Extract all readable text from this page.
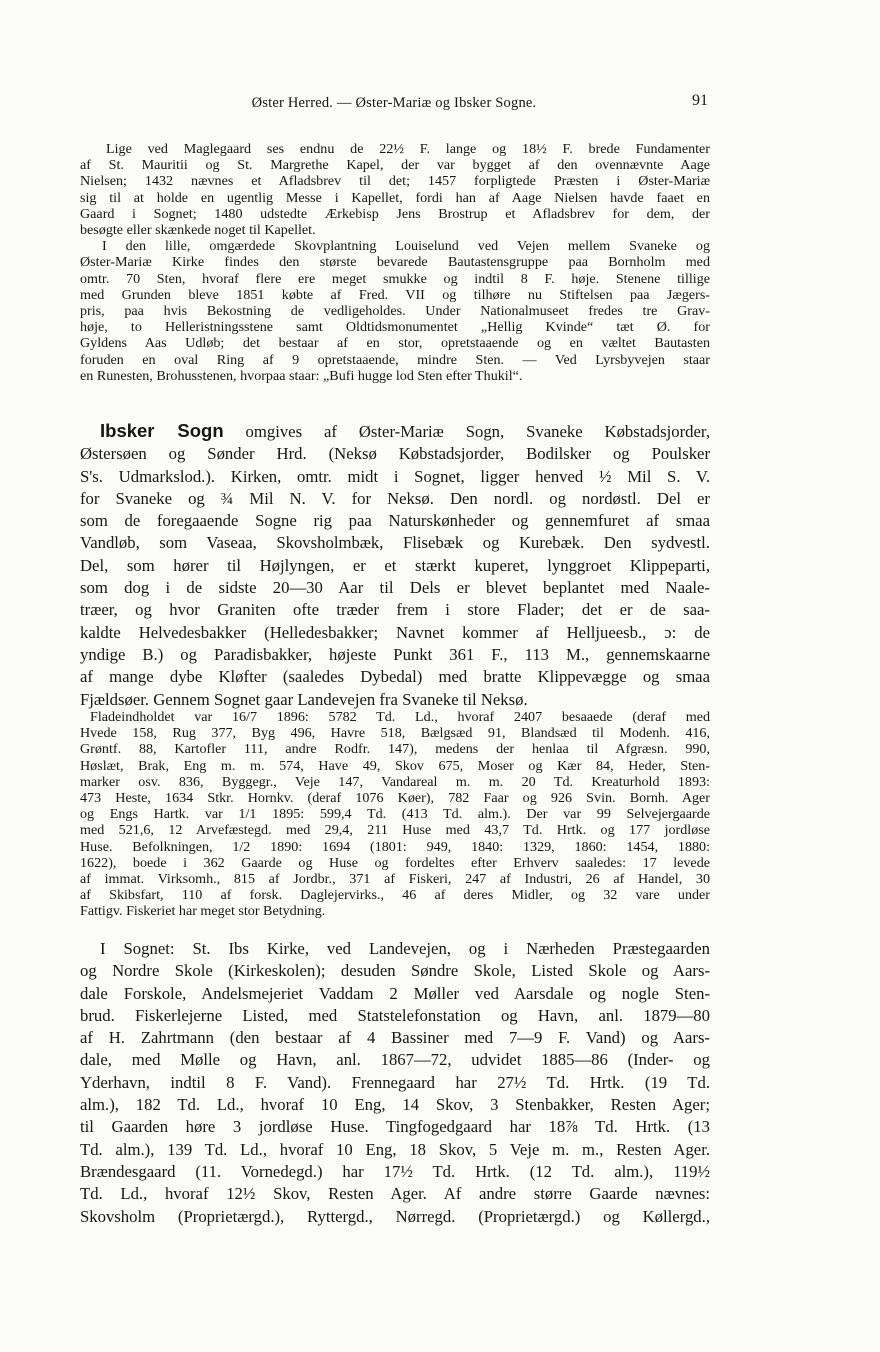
Øster Herred. — Øster-Mariæ og Ibsker Sogne.	91
Lige ved Maglegaard ses endnu de 22½ F. lange og 18½ F. brede Fundamenter
af St. Mauritii og St. Margrethe Kapel, der var bygget af den ovennævnte Aage
Nielsen; 1432 nævnes et Afladsbrev til det; 1457 forpligtede Præsten i Øster-Mariæ
sig til at holde en ugentlig Messe i Kapellet, fordi han af Aage Nielsen havde faaet en
Gaard i Sognet; 1480 udstedte Ærkebisp Jens Brostrup et Afladsbrev for dem, der
besøgte eller skænkede noget til Kapellet.
I den lille, omgærdede Skovplantning Louiselund ved Vejen mellem Svaneke og
Øster-Mariæ Kirke findes den største bevarede Bautastensgruppe paa Bornholm med
omtr. 70 Sten, hvoraf flere ere meget smukke og indtil 8 F. høje. Stenene tillige
med Grunden bleve 1851 købte af Fred. VII og tilhøre nu Stiftelsen paa Jægers-
pris, paa hvis Bekostning de vedligeholdes. Under Nationalmuseet fredes tre Grav-
høje, to Helleristningsstene samt Oldtidsmonumentet „Hellig Kvinde“ tæt Ø. for
Gyldens Aas Udløb; det bestaar af en stor, opretstaaende og en væltet Bautasten
foruden en oval Ring af 9 opretstaaende, mindre Sten. — Ved Lyrsbyvejen staar
en Runesten, Brohusstenen, hvorpaa staar: „Bufi hugge lod Sten efter Thukil“.
Ibsker Sogn omgives af Øster-Mariæ Sogn, Svaneke Købstadsjorder,
Østersøen og Sønder Hrd. (Neksø Købstadsjorder, Bodilsker og Poulsker
S's. Udmarkslod.). Kirken, omtr. midt i Sognet, ligger henved ½ Mil S. V.
for Svaneke og ¾ Mil N. V. for Neksø. Den nordl. og nordøstl. Del er
som de foregaaende Sogne rig paa Naturskønheder og gennemfuret af smaa
Vandløb, som Vaseaa, Skovsholmbæk, Flisebæk og Kurebæk. Den sydvestl.
Del, som hører til Højlyngen, er et stærkt kuperet, lynggroet Klippeparti,
som dog i de sidste 20—30 Aar til Dels er blevet beplantet med Naale-
træer, og hvor Graniten ofte træder frem i store Flader; det er de saa-
kaldte Helvedesbakker (Helledesbakker; Navnet kommer af Helljueesb., ɔ: de
yndige B.) og Paradisbakker, højeste Punkt 361 F., 113 M., gennemskaarne
af mange dybe Kløfter (saaledes Dybedal) med bratte Klippevægge og smaa
Fjældsøer. Gennem Sognet gaar Landevejen fra Svaneke til Neksø.
Fladeindholdet var 16/7 1896: 5782 Td. Ld., hvoraf 2407 besaaede (deraf med
Hvede 158, Rug 377, Byg 496, Havre 518, Bælgsæd 91, Blandsæd til Modenh. 416,
Grøntf. 88, Kartofler 111, andre Rodfr. 147), medens der henlaa til Afgræsn. 990,
Høslæt, Brak, Eng m. m. 574, Have 49, Skov 675, Moser og Kær 84, Heder, Sten-
marker osv. 836, Byggegr., Veje 147, Vandareal m. m. 20 Td. Kreaturhold 1893:
473 Heste, 1634 Stkr. Hornkv. (deraf 1076 Køer), 782 Faar og 926 Svin. Bornh. Ager
og Engs Hartk. var 1/1 1895: 599,4 Td. (413 Td. alm.). Der var 99 Selvejergaarde
med 521,6, 12 Arvefæstegd. med 29,4, 211 Huse med 43,7 Td. Hrtk. og 177 jordløse
Huse. Befolkningen, 1/2 1890: 1694 (1801: 949, 1840: 1329, 1860: 1454, 1880:
1622), boede i 362 Gaarde og Huse og fordeltes efter Erhverv saaledes: 17 levede
af immat. Virksomh., 815 af Jordbr., 371 af Fiskeri, 247 af Industri, 26 af Handel, 30
af Skibsfart, 110 af forsk. Daglejervirks., 46 af deres Midler, og 32 vare under
Fattigv. Fiskeriet har meget stor Betydning.
I Sognet: St. Ibs Kirke, ved Landevejen, og i Nærheden Præstegaarden
og Nordre Skole (Kirkeskolen); desuden Søndre Skole, Listed Skole og Aars-
dale Forskole, Andelsmejeriet Vaddam 2 Møller ved Aarsdale og nogle Sten-
brud. Fiskerlejerne Listed, med Statstelefonstation og Havn, anl. 1879—80
af H. Zahrtmann (den bestaar af 4 Bassiner med 7—9 F. Vand) og Aars-
dale, med Mølle og Havn, anl. 1867—72, udvidet 1885—86 (Inder- og
Yderhavn, indtil 8 F. Vand). Frennegaard har 27½ Td. Hrtk. (19 Td.
alm.), 182 Td. Ld., hvoraf 10 Eng, 14 Skov, 3 Stenbakker, Resten Ager;
til Gaarden høre 3 jordløse Huse. Tingfogedgaard har 18⅞ Td. Hrtk. (13
Td. alm.), 139 Td. Ld., hvoraf 10 Eng, 18 Skov, 5 Veje m. m., Resten Ager.
Brændesgaard (11. Vornedegd.) har 17½ Td. Hrtk. (12 Td. alm.), 119½
Td. Ld., hvoraf 12½ Skov, Resten Ager. Af andre større Gaarde nævnes:
Skovsholm (Proprietærgd.), Ryttergd., Nørregd. (Proprietærgd.) og Køllergd.,
